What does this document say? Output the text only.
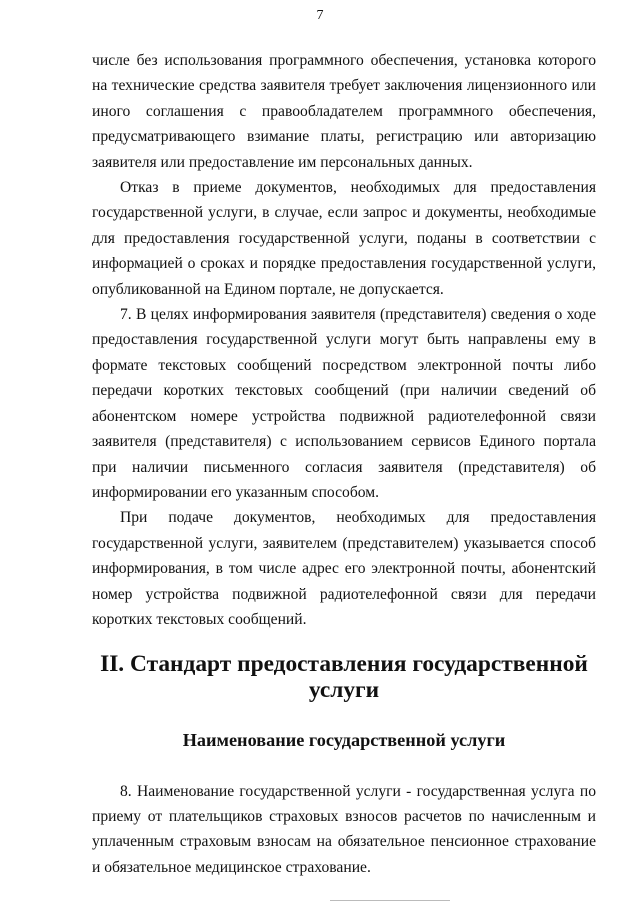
7

числе без использования программного обеспечения, установка которого на технические средства заявителя требует заключения лицензионного или иного соглашения с правообладателем программного обеспечения, предусматривающего взимание платы, регистрацию или авторизацию заявителя или предоставление им персональных данных.

Отказ в приеме документов, необходимых для предоставления государственной услуги, в случае, если запрос и документы, необходимые для предоставления государственной услуги, поданы в соответствии с информацией о сроках и порядке предоставления государственной услуги, опубликованной на Едином портале, не допускается.

7. В целях информирования заявителя (представителя) сведения о ходе предоставления государственной услуги могут быть направлены ему в формате текстовых сообщений посредством электронной почты либо передачи коротких текстовых сообщений (при наличии сведений об абонентском номере устройства подвижной радиотелефонной связи заявителя (представителя) с использованием сервисов Единого портала при наличии письменного согласия заявителя (представителя) об информировании его указанным способом.

При подаче документов, необходимых для предоставления государственной услуги, заявителем (представителем) указывается способ информирования, в том числе адрес его электронной почты, абонентский номер устройства подвижной радиотелефонной связи для передачи коротких текстовых сообщений.

II. Стандарт предоставления государственной услуги
Наименование государственной услуги

8. Наименование государственной услуги - государственная услуга по приему от плательщиков страховых взносов расчетов по начисленным и уплаченным страховым взносам на обязательное пенсионное страхование и обязательное медицинское страхование.
